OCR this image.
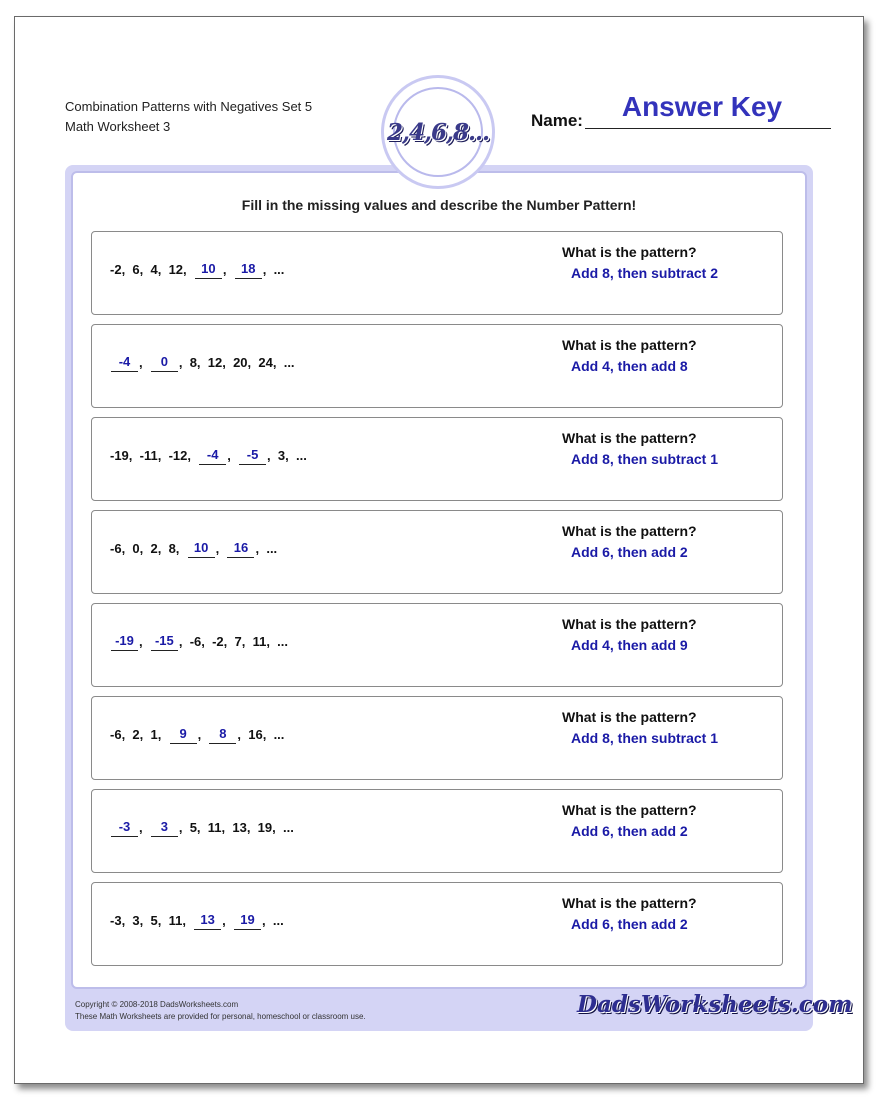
Combination Patterns with Negatives Set 5
Math Worksheet 3	2,4,6,8... Name:	Answer Key
Fill in the missing values and describe the Number Pattern!
-2 , 6 , 4 , 12 , 10 , 18 , ...
What is the pattern?
Add 8, then subtract 2
-4 , 0 , 8 , 12 , 20 , 24 , ...
What is the pattern?
Add 4, then add 8
-19 , -11 , -12 , -4 , -5 , 3 , ...
What is the pattern?
Add 8, then subtract 1
-6 , 0 , 2 , 8 , 10 , 16 , ...
What is the pattern?
Add 6, then add 2
-19 , -15 , -6 , -2 , 7 , 11 , ...
What is the pattern?
Add 4, then add 9
-6 , 2 , 1 , 9 , 8 , 16 , ...
What is the pattern?
Add 8, then subtract 1
-3 , 3 , 5 , 11 , 13 , 19 , ...
What is the pattern?
Add 6, then add 2
-3 , 3 , 5 , 11 , 13 , 19 , ...
What is the pattern?
Add 6, then add 2
Copyright © 2008-2018 DadsWorksheets.com
These Math Worksheets are provided for personal, homeschool or classroom use.	DadsWorksheets.com
